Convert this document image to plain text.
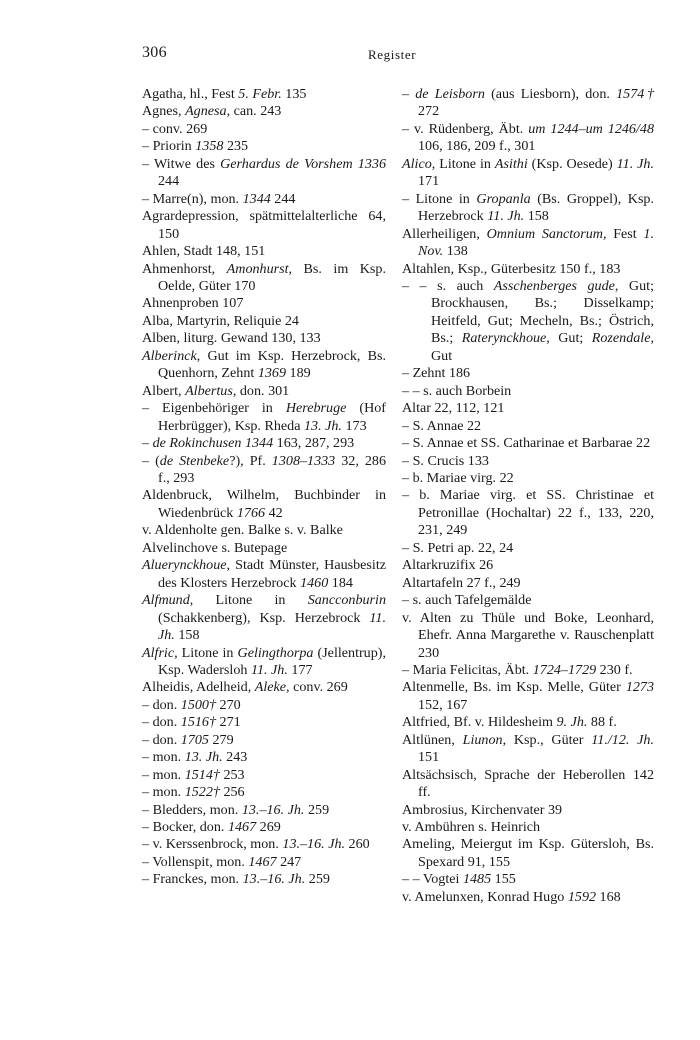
306	Register

Agatha, hl., Fest 5. Febr. 135

Agnes, Agnesa, can. 243

– conv. 269

– Priorin 1358 235

– Witwe des Gerhardus de Vorshem 1336 244

– Marre(n), mon. 1344 244

Agrardepression, spätmittelalterliche 64, 150

Ahlen, Stadt 148, 151

Ahmenhorst, Amonhurst, Bs. im Ksp. Oelde, Güter 170

Ahnenproben 107

Alba, Martyrin, Reliquie 24

Alben, liturg. Gewand 130, 133

Alberinck, Gut im Ksp. Herzebrock, Bs. Quenhorn, Zehnt 1369 189

Albert, Albertus, don. 301

– Eigenbehöriger in Herebruge (Hof Herbrügger), Ksp. Rheda 13. Jh. 173

– de Rokinchusen 1344 163, 287, 293

– (de Stenbeke?), Pf. 1308–1333 32, 286 f., 293

Aldenbruck, Wilhelm, Buchbinder in Wiedenbrück 1766 42

v. Aldenholte gen. Balke s. v. Balke

Alvelinchove s. Butepage

Aluerynckhoue, Stadt Münster, Hausbesitz des Klosters Herzebrock 1460 184

Alfmund, Litone in Sancconburin (Schakkenberg), Ksp. Herzebrock 11. Jh. 158

Alfric, Litone in Gelingthorpa (Jellentrup), Ksp. Wadersloh 11. Jh. 177

Alheidis, Adelheid, Aleke, conv. 269

– don. 1500† 270

– don. 1516† 271

– don. 1705 279

– mon. 13. Jh. 243

– mon. 1514† 253

– mon. 1522† 256

– Bledders, mon. 13.–16. Jh. 259

– Bocker, don. 1467 269

– v. Kerssenbrock, mon. 13.–16. Jh. 260

– Vollenspit, mon. 1467 247

– Franckes, mon. 13.–16. Jh. 259

– de Leisborn (aus Liesborn), don. 1574† 272

– v. Rüdenberg, Äbt. um 1244–um 1246/48 106, 186, 209 f., 301

Alico, Litone in Asithi (Ksp. Oesede) 11. Jh. 171

– Litone in Gropanla (Bs. Groppel), Ksp. Herzebrock 11. Jh. 158

Allerheiligen, Omnium Sanctorum, Fest 1. Nov. 138

Altahlen, Ksp., Güterbesitz 150 f., 183

– – s. auch Asschenberges gude, Gut; Brockhausen, Bs.; Disselkamp; Heitfeld, Gut; Mecheln, Bs.; Östrich, Bs.; Raterynckhoue, Gut; Rozendale, Gut

– Zehnt 186

– – s. auch Borbein

Altar 22, 112, 121

– S. Annae 22

– S. Annae et SS. Catharinae et Barbarae 22

– S. Crucis 133

– b. Mariae virg. 22

– b. Mariae virg. et SS. Christinae et Petronillae (Hochaltar) 22 f., 133, 220, 231, 249

– S. Petri ap. 22, 24

Altarkruzifix 26

Altartafeln 27 f., 249

– s. auch Tafelgemälde

v. Alten zu Thüle und Boke, Leonhard, Ehefr. Anna Margarethe v. Rauschenplatt 230

– Maria Felicitas, Äbt. 1724–1729 230 f.

Altenmelle, Bs. im Ksp. Melle, Güter 1273 152, 167

Altfried, Bf. v. Hildesheim 9. Jh. 88 f.

Altlünen, Liunon, Ksp., Güter 11./12. Jh. 151

Altsächsisch, Sprache der Heberollen 142 ff.

Ambrosius, Kirchenvater 39

v. Ambühren s. Heinrich

Ameling, Meiergut im Ksp. Gütersloh, Bs. Spexard 91, 155

– – Vogtei 1485 155

v. Amelunxen, Konrad Hugo 1592 168
